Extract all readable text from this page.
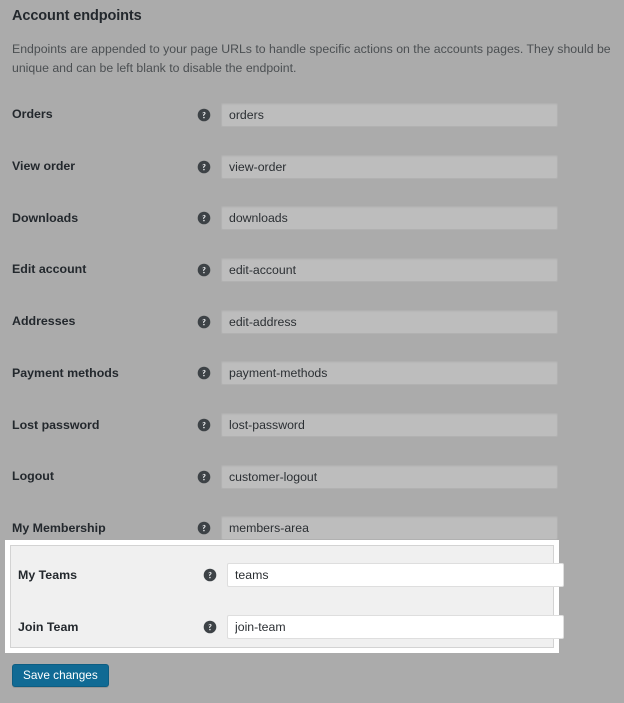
Account endpoints

Endpoints are appended to your page URLs to handle specific actions on the accounts pages. They should be unique and can be left blank to disable the endpoint.

Orders
orders
View order
view-order
Downloads
downloads
Edit account
edit-account
Addresses
edit-address
Payment methods
payment-methods
Lost password
lost-password
Logout
customer-logout
My Membership
members-area
My Teams
teams
Join Team
join-team
Save changes
